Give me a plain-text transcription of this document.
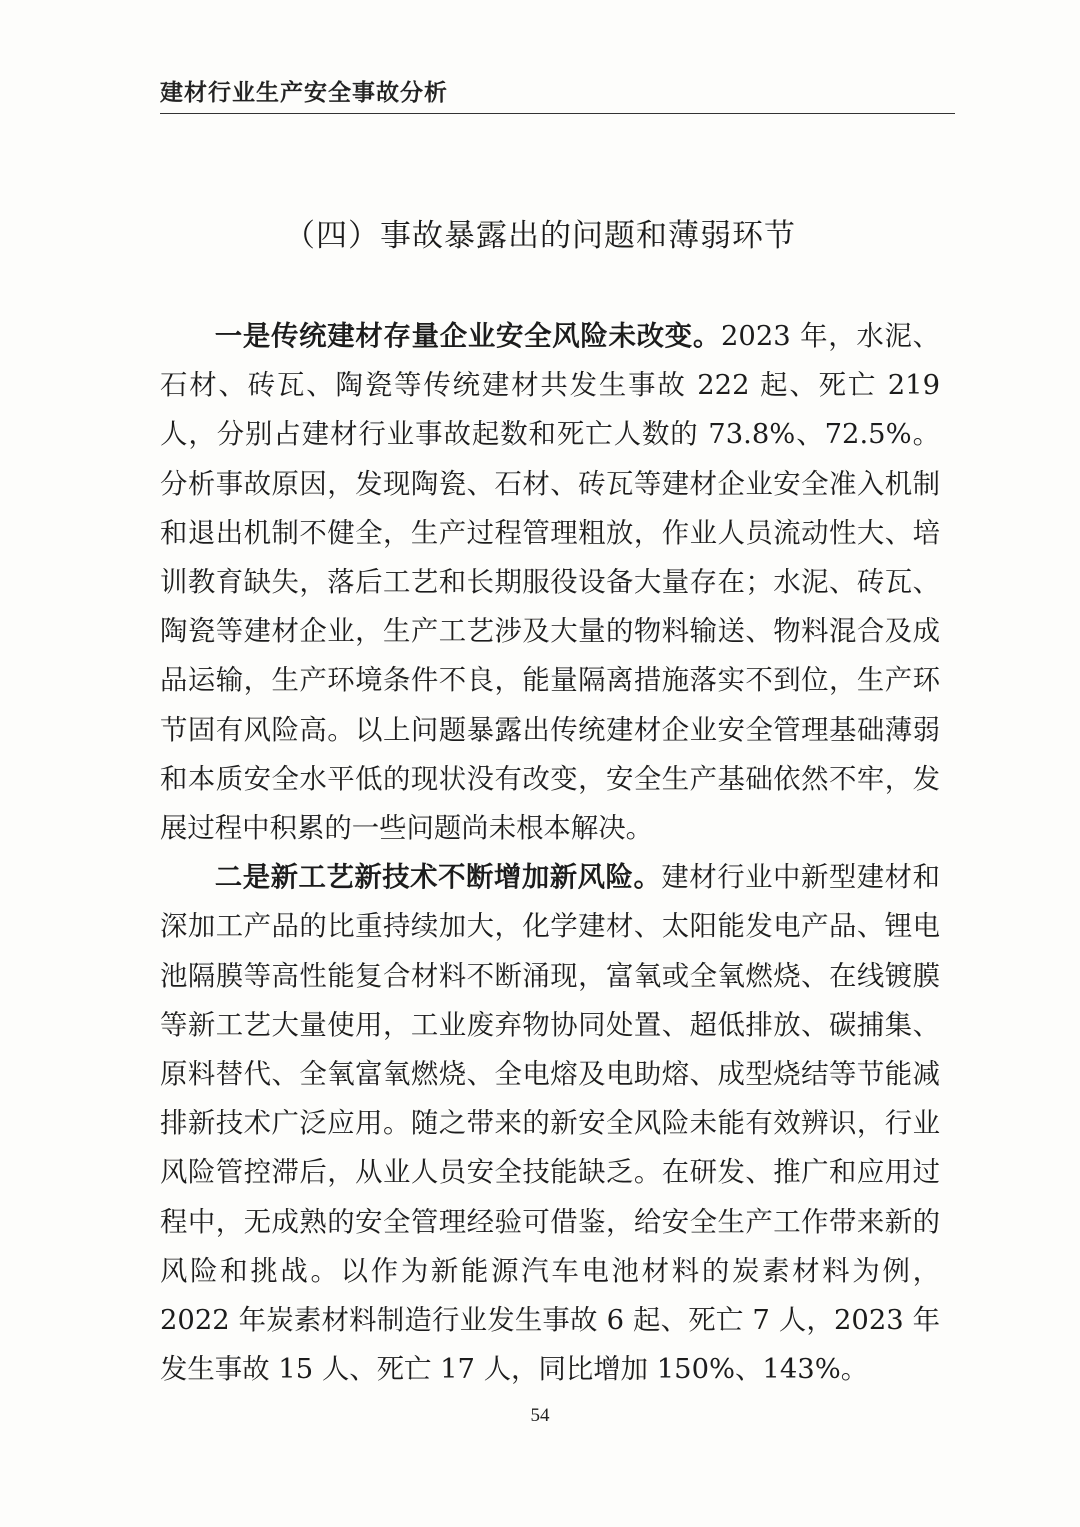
建材行业生产安全事故分析
（四）事故暴露出的问题和薄弱环节

一是传统建材存量企业安全风险未改变。2023 年，水泥、石材、砖瓦、陶瓷等传统建材共发生事故 222 起、死亡 219 人，分别占建材行业事故起数和死亡人数的 73.8%、72.5%。分析事故原因，发现陶瓷、石材、砖瓦等建材企业安全准入机制和退出机制不健全，生产过程管理粗放，作业人员流动性大、培训教育缺失，落后工艺和长期服役设备大量存在；水泥、砖瓦、陶瓷等建材企业，生产工艺涉及大量的物料输送、物料混合及成品运输，生产环境条件不良，能量隔离措施落实不到位，生产环节固有风险高。以上问题暴露出传统建材企业安全管理基础薄弱和本质安全水平低的现状没有改变，安全生产基础依然不牢，发展过程中积累的一些问题尚未根本解决。

二是新工艺新技术不断增加新风险。建材行业中新型建材和深加工产品的比重持续加大，化学建材、太阳能发电产品、锂电池隔膜等高性能复合材料不断涌现，富氧或全氧燃烧、在线镀膜等新工艺大量使用，工业废弃物协同处置、超低排放、碳捕集、原料替代、全氧富氧燃烧、全电熔及电助熔、成型烧结等节能减排新技术广泛应用。随之带来的新安全风险未能有效辨识，行业风险管控滞后，从业人员安全技能缺乏。在研发、推广和应用过程中，无成熟的安全管理经验可借鉴，给安全生产工作带来新的风险和挑战。以作为新能源汽车电池材料的炭素材料为例，2022 年炭素材料制造行业发生事故 6 起、死亡 7 人，2023 年发生事故 15 人、死亡 17 人，同比增加 150%、143%。

54
